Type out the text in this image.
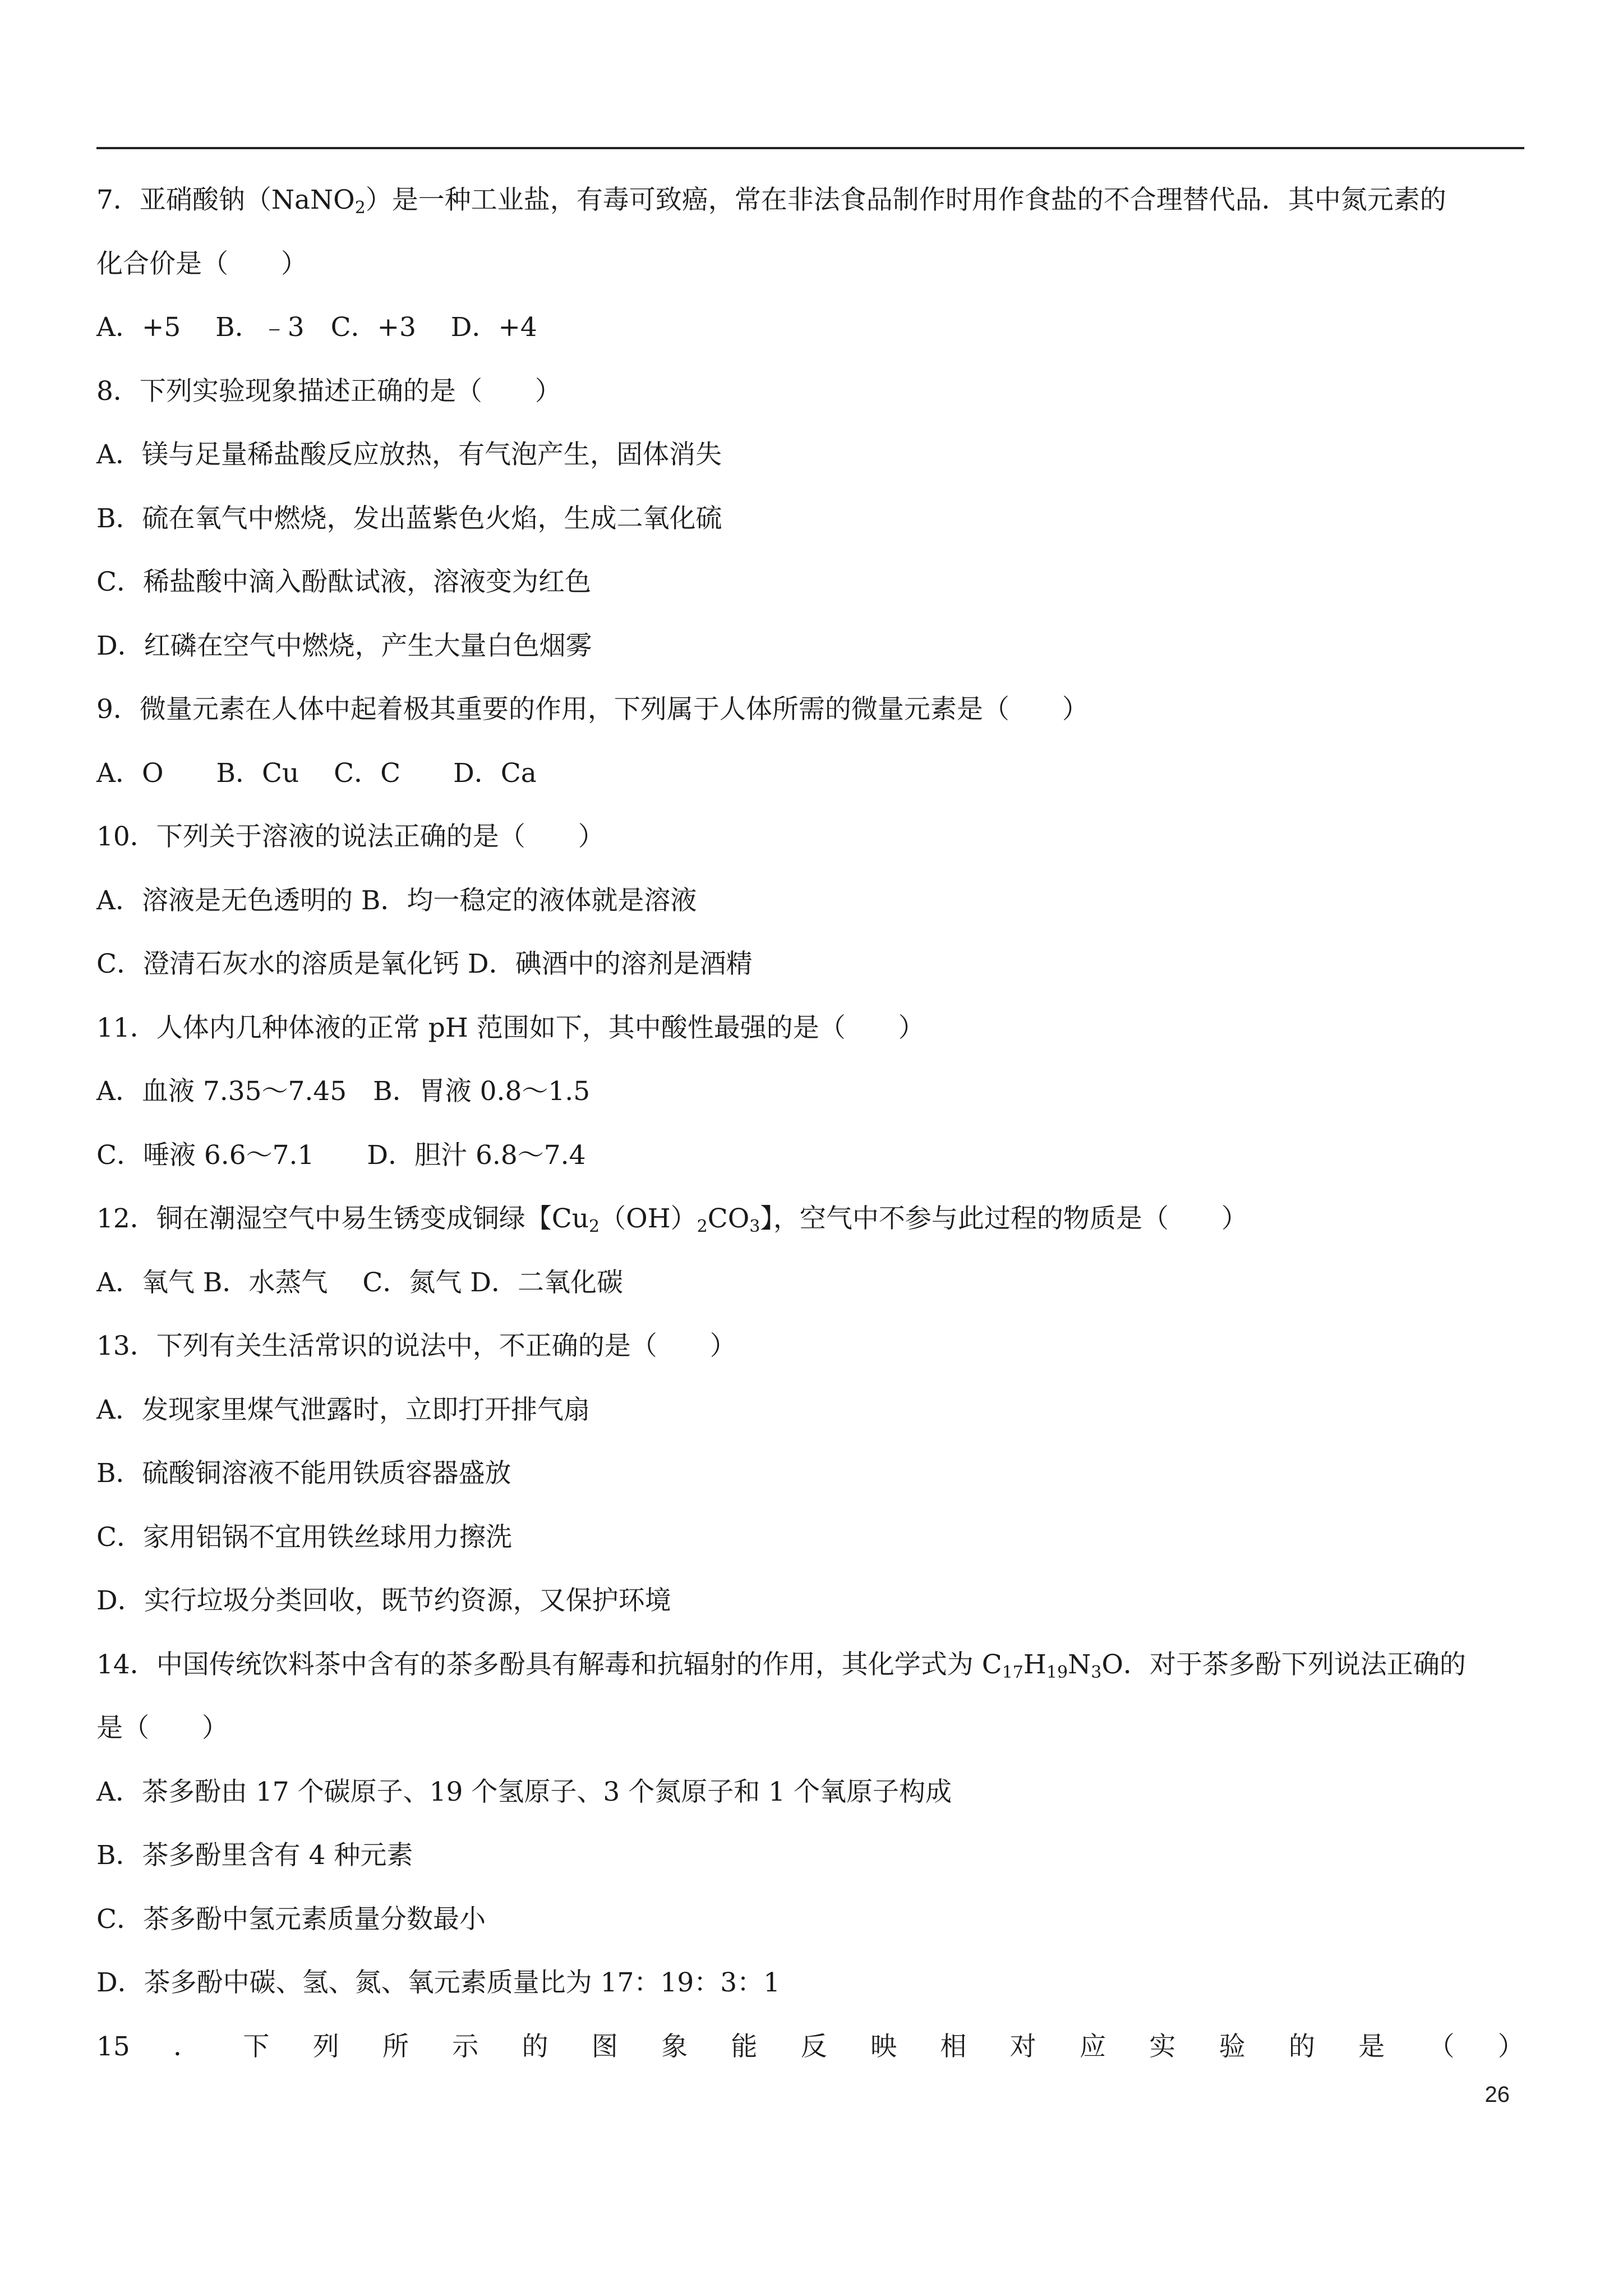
7．亚硝酸钠（NaNO$_2$）是一种工业盐，有毒可致癌，常在非法食品制作时用作食盐的不合理替代品．其中氮元素的
化合价是（　　）
A．+5　 B．﹣3　C．+3　 D．+4
8．下列实验现象描述正确的是（　　）
A．镁与足量稀盐酸反应放热，有气泡产生，固体消失
B．硫在氧气中燃烧，发出蓝紫色火焰，生成二氧化硫
C．稀盐酸中滴入酚酞试液，溶液变为红色
D．红磷在空气中燃烧，产生大量白色烟雾
9．微量元素在人体中起着极其重要的作用，下列属于人体所需的微量元素是（　　）
A．O　　B．Cu　 C．C　　D．Ca
10．下列关于溶液的说法正确的是（　　）
A．溶液是无色透明的 B．均一稳定的液体就是溶液
C．澄清石灰水的溶质是氧化钙 D．碘酒中的溶剂是酒精
11．人体内几种体液的正常 pH 范围如下，其中酸性最强的是（　　）
A．血液 7.35～7.45　B．胃液 0.8～1.5
C．唾液 6.6～7.1　　D．胆汁 6.8～7.4
12．铜在潮湿空气中易生锈变成铜绿【$Cu_2(OH)_2CO_3$】，空气中不参与此过程的物质是（　　）
A．氧气 B．水蒸气　 C．氮气 D．二氧化碳
13．下列有关生活常识的说法中，不正确的是（　　）
A．发现家里煤气泄露时，立即打开排气扇
B．硫酸铜溶液不能用铁质容器盛放
C．家用铝锅不宜用铁丝球用力擦洗
D．实行垃圾分类回收，既节约资源，又保护环境
14．中国传统饮料茶中含有的茶多酚具有解毒和抗辐射的作用，其化学式为 $C_{17}H_{19}N_3O$．对于茶多酚下列说法正确的
是（　　）
A．茶多酚由 17 个碳原子、19 个氢原子、3 个氮原子和 1 个氧原子构成
B．茶多酚里含有 4 种元素
C．茶多酚中氢元素质量分数最小
D．茶多酚中碳、氢、氮、氧元素质量比为 17：19：3：1
15 ． 下 列 所 示 的 图 象 能 反 映 相 对 应 实 验 的 是 （ ）
26
